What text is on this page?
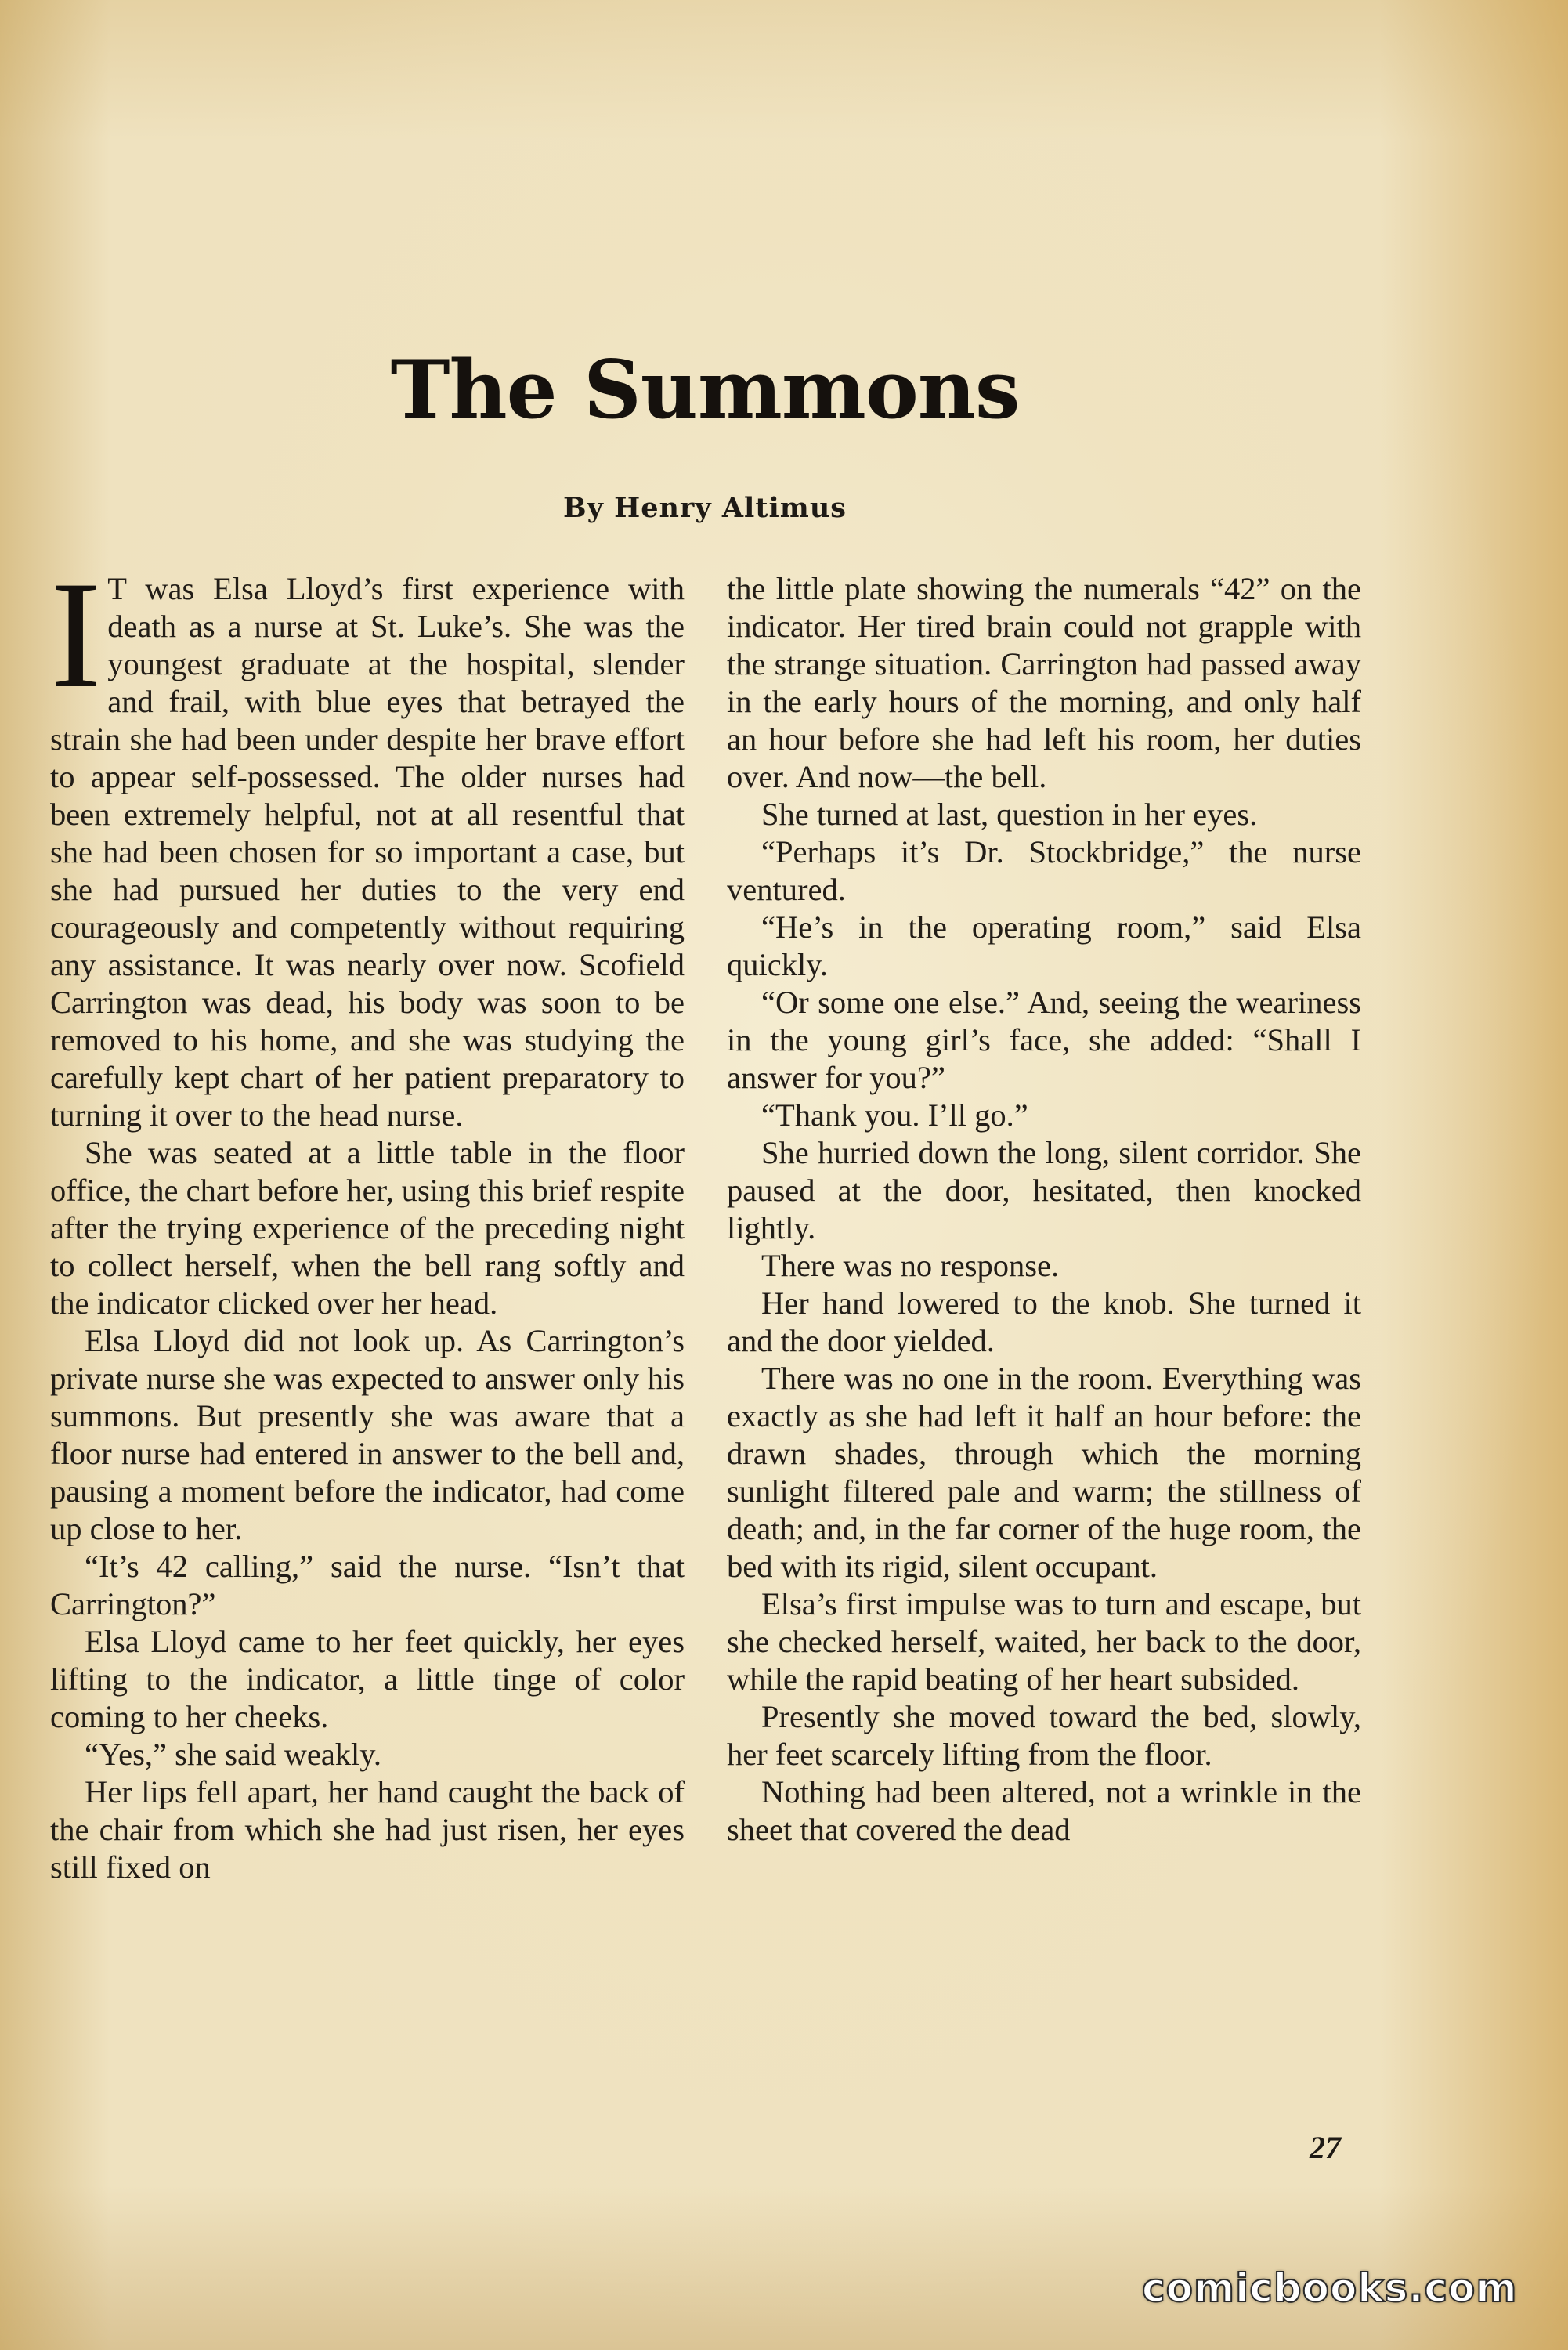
The Summons
By Henry Altimus

I T was Elsa Lloyd’s first experience with death as a nurse at St. Luke’s. She was the youngest graduate at the hospital, slender and frail, with blue eyes that betrayed the strain she had been under despite her brave effort to appear self-possessed. The older nurses had been extremely helpful, not at all resentful that she had been chosen for so important a case, but she had pursued her duties to the very end courageously and competently without requiring any assistance. It was nearly over now. Scofield Carrington was dead, his body was soon to be removed to his home, and she was studying the carefully kept chart of her patient preparatory to turning it over to the head nurse.

She was seated at a little table in the floor office, the chart before her, using this brief respite after the trying experience of the preceding night to collect herself, when the bell rang softly and the indicator clicked over her head.

Elsa Lloyd did not look up. As Carrington’s private nurse she was expected to answer only his summons. But presently she was aware that a floor nurse had entered in answer to the bell and, pausing a moment before the indicator, had come up close to her.

“It’s 42 calling,” said the nurse. “Isn’t that Carrington?”

Elsa Lloyd came to her feet quickly, her eyes lifting to the indicator, a little tinge of color coming to her cheeks.

“Yes,” she said weakly.

Her lips fell apart, her hand caught the back of the chair from which she had just risen, her eyes still fixed on

the little plate showing the numerals “42” on the indicator. Her tired brain could not grapple with the strange situation. Carrington had passed away in the early hours of the morning, and only half an hour before she had left his room, her duties over. And now—the bell.

She turned at last, question in her eyes.

“Perhaps it’s Dr. Stockbridge,” the nurse ventured.

“He’s in the operating room,” said Elsa quickly.

“Or some one else.” And, seeing the weariness in the young girl’s face, she added: “Shall I answer for you?”

“Thank you. I’ll go.”

She hurried down the long, silent corridor. She paused at the door, hesitated, then knocked lightly.

There was no response.

Her hand lowered to the knob. She turned it and the door yielded.

There was no one in the room. Everything was exactly as she had left it half an hour before: the drawn shades, through which the morning sunlight filtered pale and warm; the stillness of death; and, in the far corner of the huge room, the bed with its rigid, silent occupant.

Elsa’s first impulse was to turn and escape, but she checked herself, waited, her back to the door, while the rapid beating of her heart subsided.

Presently she moved toward the bed, slowly, her feet scarcely lifting from the floor.

Nothing had been altered, not a wrinkle in the sheet that covered the dead

27
comicbooks.com
